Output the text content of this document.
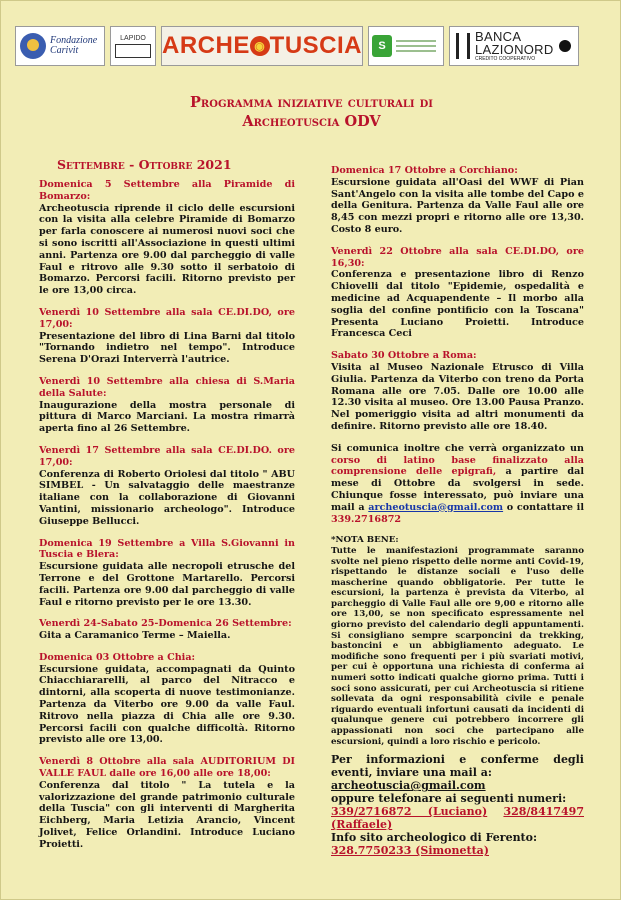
Fondazione Carivit
LAPIDO ARCHE ◉ TUSCIA	S
BANCA
LAZIONORD
CREDITO COOPERATIVO
Programma iniziative culturali di
Archeotuscia ODV
Settembre - Ottobre 2021
Domenica 5 Settembre alla Piramide di Bomarzo:
Archeotuscia riprende il ciclo delle escursioni con la visita alla celebre Piramide di Bomarzo per farla conoscere ai numerosi nuovi soci che si sono iscritti all'Associazione in questi ultimi anni. Partenza ore 9.00 dal parcheggio di valle Faul e ritrovo alle 9.30 sotto il serbatoio di Bomarzo. Percorsi facili. Ritorno previsto per le ore 13,00 circa.
Venerdì 10 Settembre alla sala CE.DI.DO, ore 17,00:
Presentazione del libro di Lina Barni dal titolo "Tornando indietro nel tempo". Introduce Serena D'Orazi Interverrà l'autrice.
Venerdì 10 Settembre alla chiesa di S.Maria della Salute:
Inaugurazione della mostra personale di pittura di Marco Marciani. La mostra rimarrà aperta fino al 26 Settembre.
Venerdì 17 Settembre alla sala CE.DI.DO. ore 17,00:
Conferenza di Roberto Oriolesi dal titolo " ABU SIMBEL - Un salvataggio delle maestranze italiane con la collaborazione di Giovanni Vantini, missionario archeologo". Introduce Giuseppe Bellucci.
Domenica 19 Settembre a Villa S.Giovanni in Tuscia e Blera:
Escursione guidata alle necropoli etrusche del Terrone e del Grottone Martarello. Percorsi facili. Partenza ore 9.00 dal parcheggio di valle Faul e ritorno previsto per le ore 13.30.
Venerdì 24-Sabato 25-Domenica 26 Settembre:
Gita a Caramanico Terme – Maiella.
Domenica 03 Ottobre a Chia:
Escursione guidata, accompagnati da Quinto Chiacchiararelli, al parco del Nitracco e dintorni, alla scoperta di nuove testimonianze. Partenza da Viterbo ore 9.00 da valle Faul. Ritrovo nella piazza di Chia alle ore 9.30. Percorsi facili con qualche difficoltà. Ritorno previsto alle ore 13,00.
Venerdì 8 Ottobre alla sala AUDITORIUM DI VALLE FAUL dalle ore 16,00 alle ore 18,00:
Conferenza dal titolo " La tutela e la valorizzazione del grande patrimonio culturale della Tuscia" con gli interventi di Margherita Eichberg, Maria Letizia Arancio, Vincent Jolivet, Felice Orlandini. Introduce Luciano Proietti.
Domenica 17 Ottobre a Corchiano:
Escursione guidata all'Oasi del WWF di Pian Sant'Angelo con la visita alle tombe del Capo e della Genitura. Partenza da Valle Faul alle ore 8,45 con mezzi propri e ritorno alle ore 13,30. Costo 8 euro.
Venerdì 22 Ottobre alla sala CE.DI.DO, ore 16,30:
Conferenza e presentazione libro di Renzo Chiovelli dal titolo "Epidemie, ospedalità e medicine ad Acquapendente – Il morbo alla soglia del confine pontificio con la Toscana" Presenta Luciano Proietti. Introduce Francesca Ceci
Sabato 30 Ottobre a Roma:
Visita al Museo Nazionale Etrusco di Villa Giulia. Partenza da Viterbo con treno da Porta Romana alle ore 7.05. Dalle ore 10.00 alle 12.30 visita al museo. Ore 13.00 Pausa Pranzo. Nel pomeriggio visita ad altri monumenti da definire. Ritorno previsto alle ore 18.40.
Si comunica inoltre che verrà organizzato un corso di latino base finalizzato alla comprensione delle epigrafi, a partire dal mese di Ottobre da svolgersi in sede. Chiunque fosse interessato, può inviare una mail a archeotuscia@gmail.com o contattare il 339.2716872
*NOTA BENE:
Tutte le manifestazioni programmate saranno svolte nel pieno rispetto delle norme anti Covid-19, rispettando le distanze sociali e l'uso delle mascherine quando obbligatorie. Per tutte le escursioni, la partenza è prevista da Viterbo, al parcheggio di Valle Faul alle ore 9,00 e ritorno alle ore 13,00, se non specificato espressamente nel giorno previsto del calendario degli appuntamenti. Si consigliano sempre scarponcini da trekking, bastoncini e un abbigliamento adeguato. Le modifiche sono frequenti per i più svariati motivi, per cui è opportuna una richiesta di conferma ai numeri sotto indicati qualche giorno prima. Tutti i soci sono assicurati, per cui Archeotuscia si ritiene sollevata da ogni responsabilità civile e penale riguardo eventuali infortuni causati da incidenti di qualunque genere cui potrebbero incorrere gli appassionati non soci che partecipano alle escursioni, quindi a loro rischio e pericolo.
Per informazioni e conferme degli eventi, inviare una mail a:
archeotuscia@gmail.com
oppure telefonare ai seguenti numeri:
339/2716872 (Luciano) 328/8417497 (Raffaele)
Info sito archeologico di Ferento:
328.7750233 (Simonetta)
